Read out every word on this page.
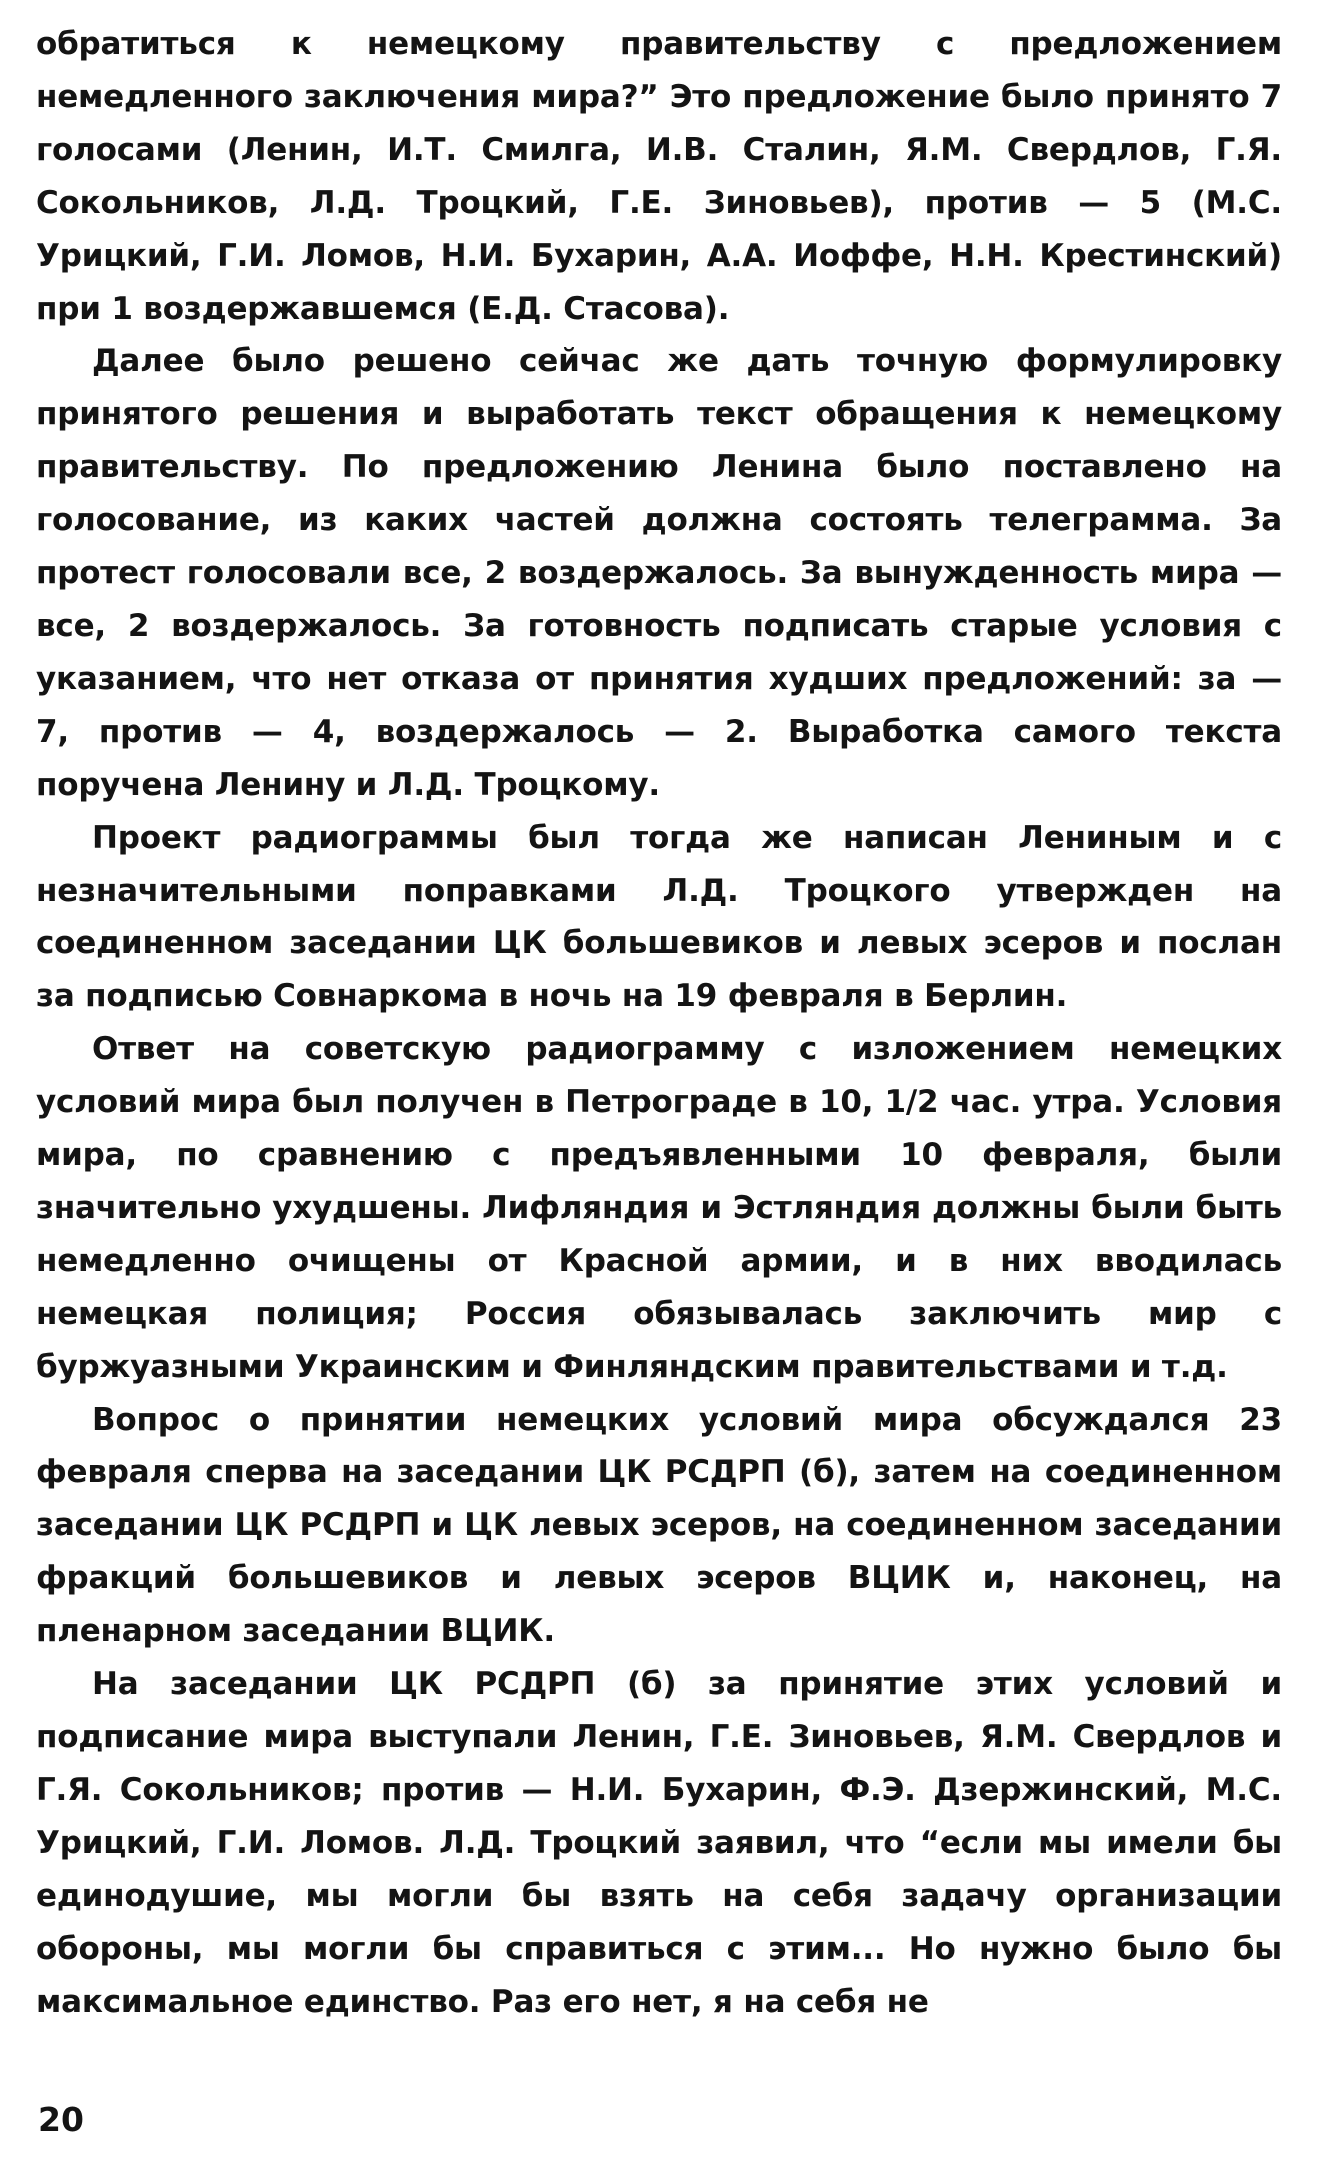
обратиться к немецкому правительству с предложением немедленного заключения мира?” Это предложение было принято 7 голосами (Ленин, И.Т. Смилга, И.В. Сталин, Я.М. Свердлов, Г.Я. Сокольников, Л.Д. Троцкий, Г.Е. Зиновьев), против — 5 (М.С. Урицкий, Г.И. Ломов, Н.И. Бухарин, А.А. Иоффе, Н.Н. Крестинский) при 1 воздержавшемся (Е.Д. Стасова).

Далее было решено сейчас же дать точную формулировку принятого решения и выработать текст обращения к немецкому правительству. По предложению Ленина было поставлено на голосование, из каких частей должна состоять телеграмма. За протест голосовали все, 2 воздержалось. За вынужденность мира — все, 2 воздержалось. За готовность подписать старые условия с указанием, что нет отказа от принятия худших предложений: за — 7, против — 4, воздержалось — 2. Выработка самого текста поручена Ленину и Л.Д. Троцкому.

Проект радиограммы был тогда же написан Лениным и с незначительными поправками Л.Д. Троцкого утвержден на соединенном заседании ЦК большевиков и левых эсеров и послан за подписью Совнаркома в ночь на 19 февраля в Берлин.

Ответ на советскую радиограмму с изложением немецких условий мира был получен в Петрограде в 10, 1/2 час. утра. Условия мира, по сравнению с предъявленными 10 февраля, были значительно ухудшены. Лифляндия и Эстляндия должны были быть немедленно очищены от Красной армии, и в них вводилась немецкая полиция; Россия обязывалась заключить мир с буржуазными Украинским и Финляндским правительствами и т.д.

Вопрос о принятии немецких условий мира обсуждался 23 февраля сперва на заседании ЦК РСДРП (б), затем на соединенном заседании ЦК РСДРП и ЦК левых эсеров, на соединенном заседании фракций большевиков и левых эсеров ВЦИК и, наконец, на пленарном заседании ВЦИК.

На заседании ЦК РСДРП (б) за принятие этих условий и подписание мира выступали Ленин, Г.Е. Зиновьев, Я.М. Свердлов и Г.Я. Сокольников; против — Н.И. Бухарин, Ф.Э. Дзержинский, М.С. Урицкий, Г.И. Ломов. Л.Д. Троцкий заявил, что “если мы имели бы единодушие, мы могли бы взять на себя задачу организации обороны, мы могли бы справиться с этим... Но нужно было бы максимальное единство. Раз его нет, я на себя не

20
